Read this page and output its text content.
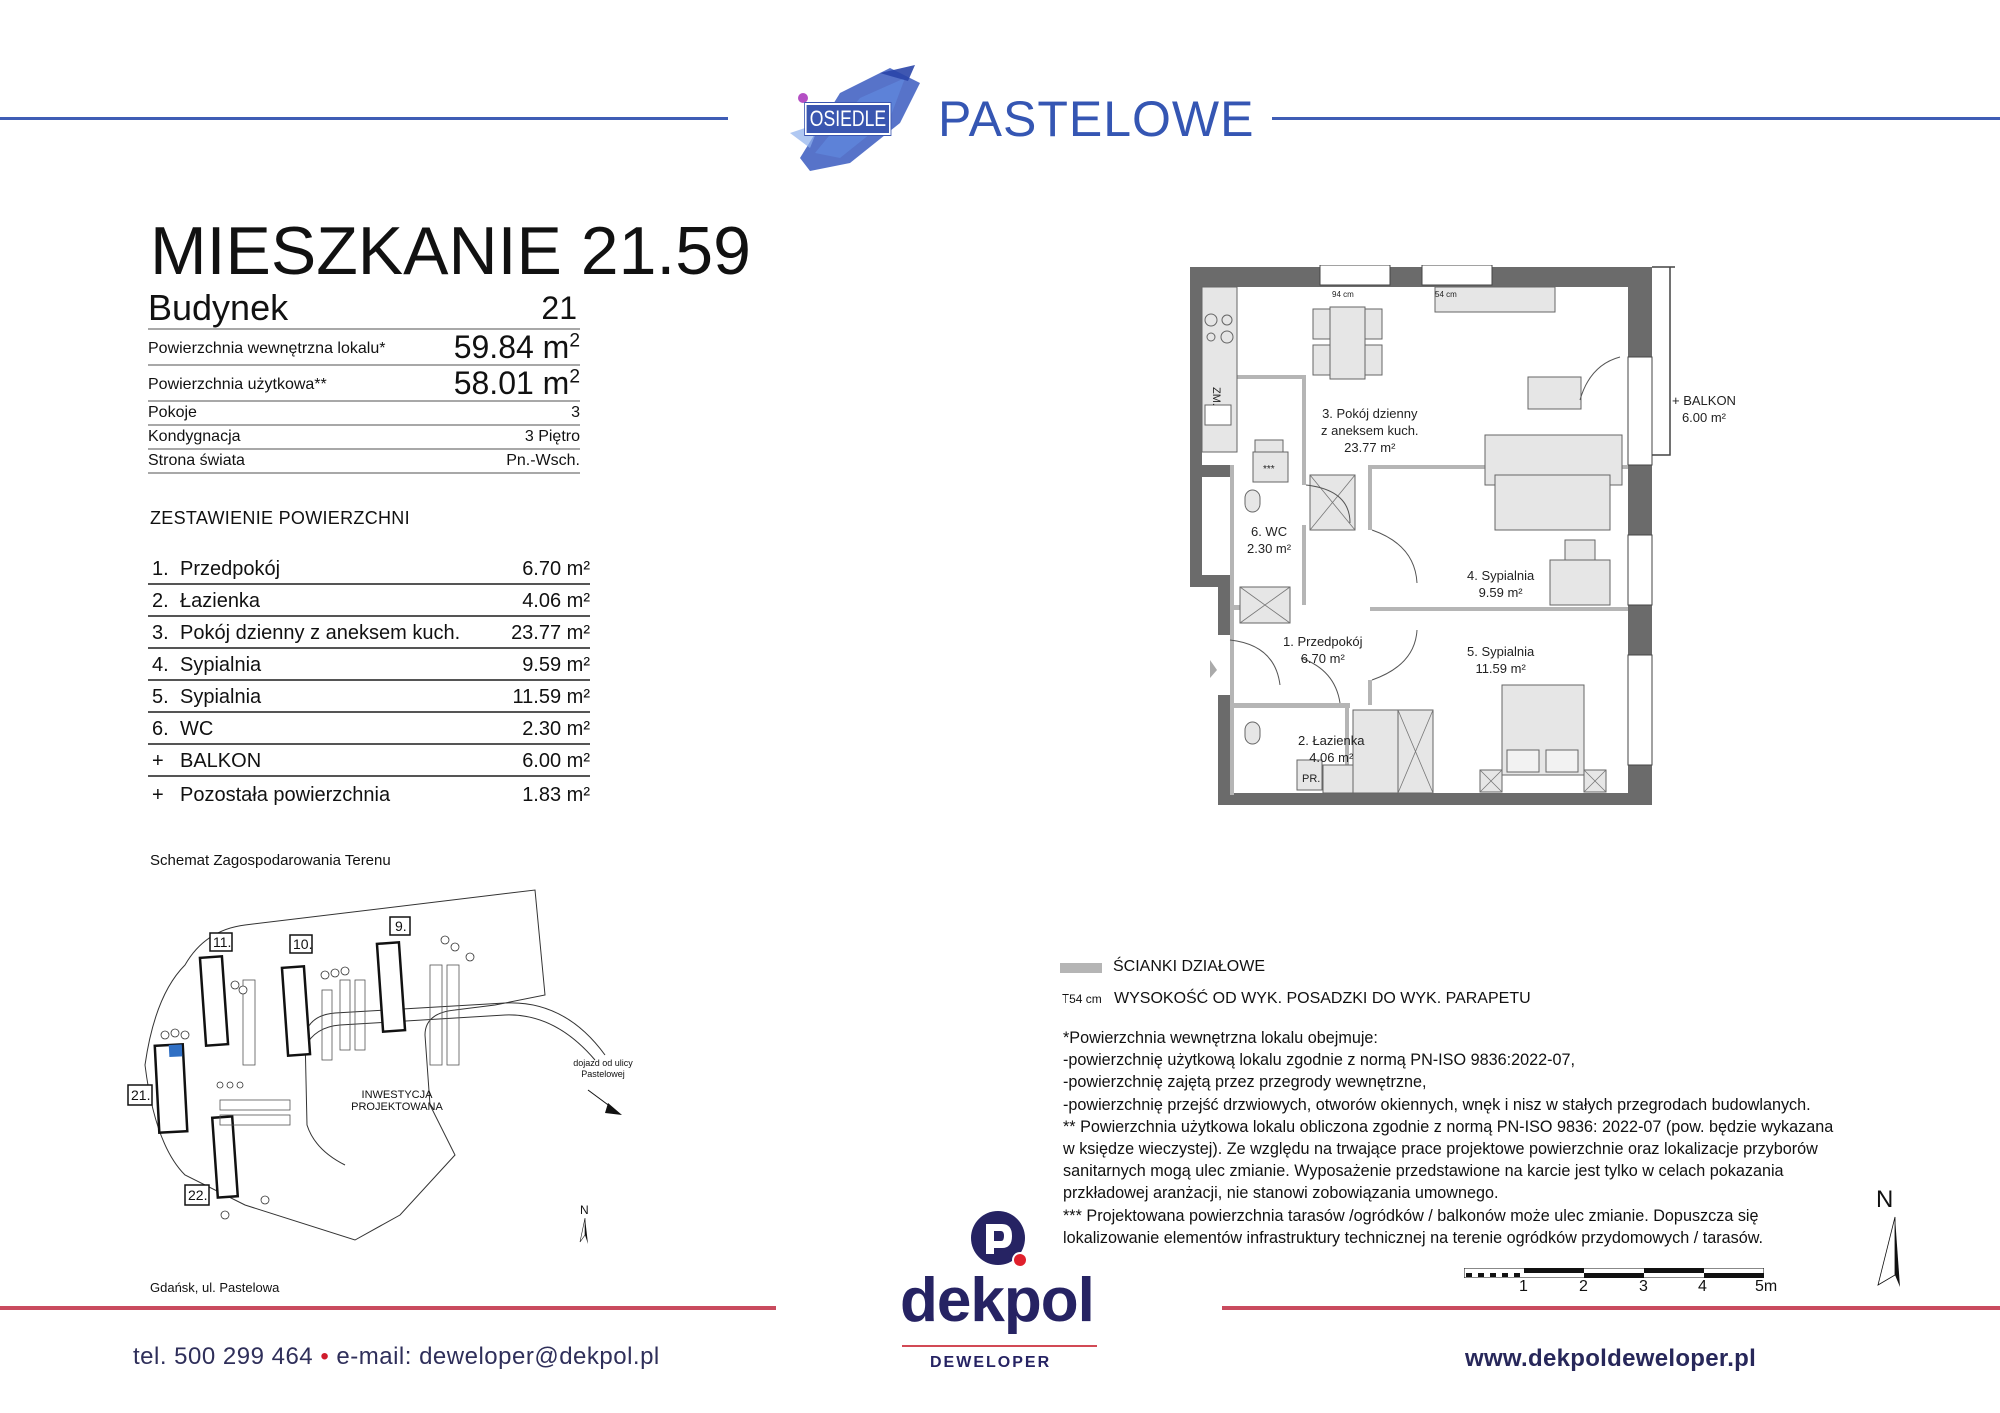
OSIEDLE PASTELOWE
MIESZKANIE 21.59
Budynek	21
Powierzchnia wewnętrzna lokalu* 59.84 $m^2$
Powierzchnia użytkowa**	58.01 $m^2$
Pokoje	3
Kondygnacja	3 Piętro
Strona świata	Pn.-Wsch.
ZESTAWIENIE POWIERZCHNI
1. Przedpokój	6.70 m²
2. Łazienka	4.06 m²
3. Pokój dzienny z aneksem kuch.	23.77 m²
4. Sypialnia	9.59 m²
5. Sypialnia	11.59 m²
6. WC	2.30 m²
+ BALKON	6.00 m²
+ Pozostała powierzchnia	1.83 m²
Schemat Zagospodarowania Terenu
11.	10.
9.
21.
22.
INWESTYCJA
PROJEKTOWANA
dojazd od ulicy
Pastelowej
N
Gdańsk, ul. Pastelowa
ZM.
***
PR.
94 cm	54 cm
3. Pokój dzienny
z aneksem kuch.
23.77 m²
6. WC
2.30 m²
4. Sypialnia
9.59 m²
1. Przedpokój
6.70 m²	5. Sypialnia
11.59 m²
2. Łazienka
4.06 m²
+ BALKON
6.00 m²
ŚCIANKI DZIAŁOWE
⟙54 cm WYSOKOŚĆ OD WYK. POSADZKI DO WYK. PARAPETU

*Powierzchnia wewnętrzna lokalu obejmuje:

-powierzchnię użytkową lokalu zgodnie z normą PN-ISO 9836:2022-07,

-powierzchnię zajętą przez przegrody wewnętrzne,

-powierzchnię przejść drzwiowych, otworów okiennych, wnęk i nisz w stałych przegrodach budowlanych.

** Powierzchnia użytkowa lokalu obliczona zgodnie z normą PN-ISO 9836: 2022-07 (pow. będzie wykazana

w księdze wieczystej). Ze względu na trwające prace projektowe powierzchnie oraz lokalizacje przyborów

sanitarnych mogą ulec zmianie. Wyposażenie przedstawione na karcie jest tylko w celach pokazania

przkładowej aranżacji, nie stanowi zobowiązania umownego.

*** Projektowana powierzchnia tarasów /ogródków / balkonów może ulec zmianie. Dopuszcza się

lokalizowanie elementów infrastruktury technicznej na terenie ogródków przydomowych / tarasów.

1	2	3	4	5m
N
tel. 500 299 464 • e-mail: deweloper@dekpol.pl
dekpol
DEWELOPER	www.dekpoldeweloper.pl
